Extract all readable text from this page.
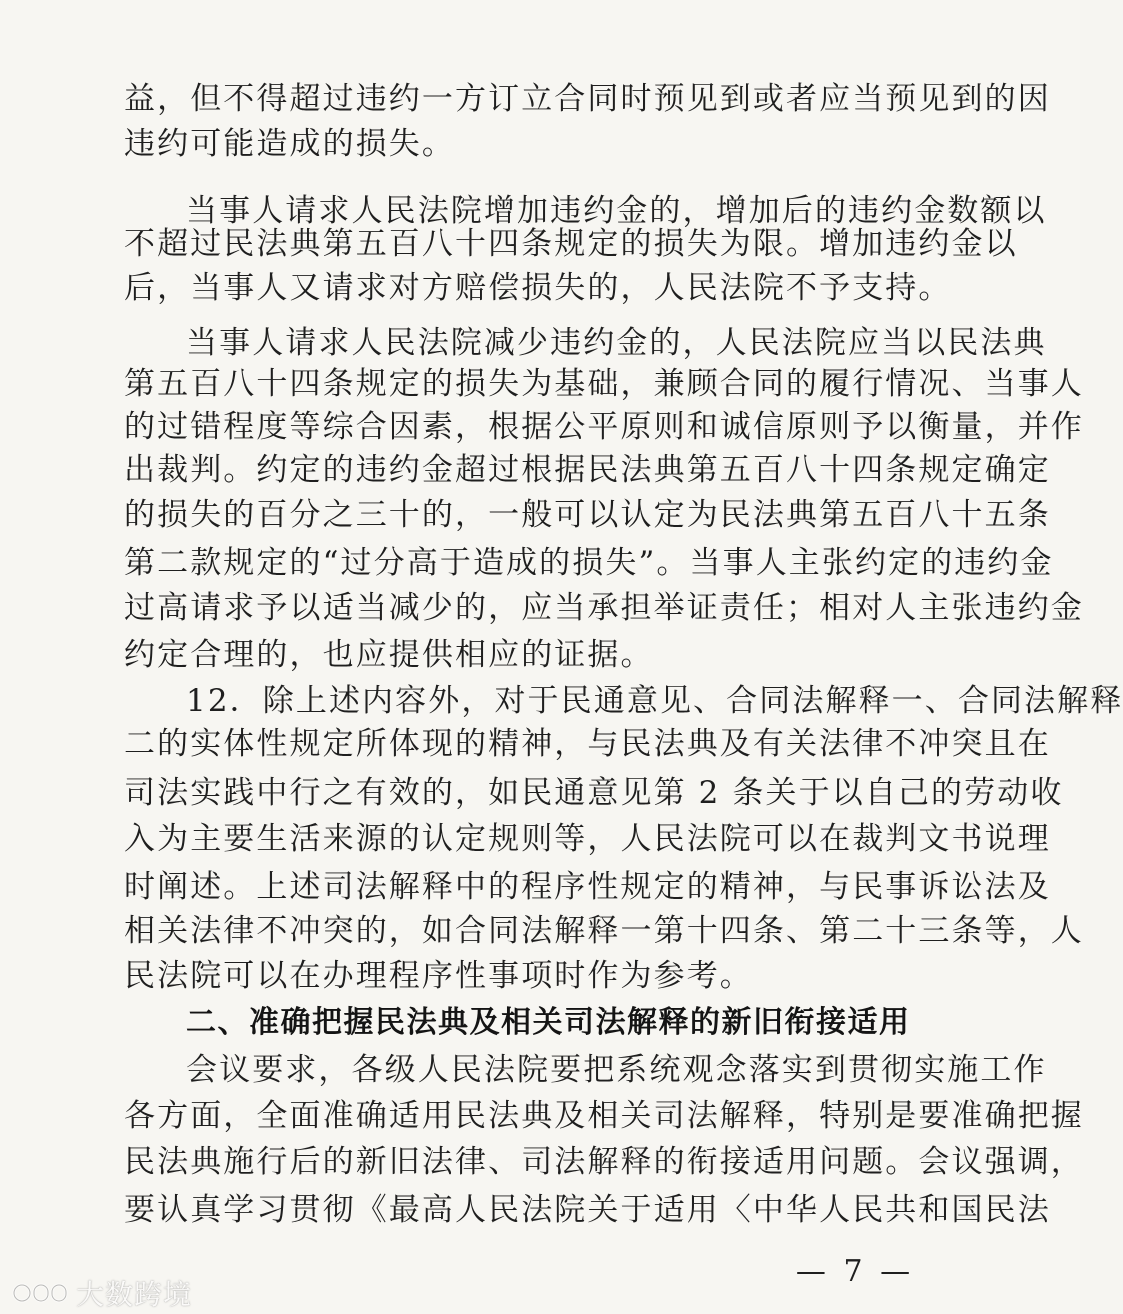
益，但不得超过违约一方订立合同时预见到或者应当预见到的因
违约可能造成的损失。
当事人请求人民法院增加违约金的，增加后的违约金数额以
不超过民法典第五百八十四条规定的损失为限。增加违约金以
后，当事人又请求对方赔偿损失的，人民法院不予支持。
当事人请求人民法院减少违约金的，人民法院应当以民法典
第五百八十四条规定的损失为基础，兼顾合同的履行情况、当事人
的过错程度等综合因素，根据公平原则和诚信原则予以衡量，并作
出裁判。约定的违约金超过根据民法典第五百八十四条规定确定
的损失的百分之三十的，一般可以认定为民法典第五百八十五条
第二款规定的“过分高于造成的损失”。当事人主张约定的违约金
过高请求予以适当减少的，应当承担举证责任；相对人主张违约金
约定合理的，也应提供相应的证据。
12．除上述内容外，对于民通意见、合同法解释一、合同法解释
二的实体性规定所体现的精神，与民法典及有关法律不冲突且在
司法实践中行之有效的，如民通意见第 2 条关于以自己的劳动收
入为主要生活来源的认定规则等，人民法院可以在裁判文书说理
时阐述。上述司法解释中的程序性规定的精神，与民事诉讼法及
相关法律不冲突的，如合同法解释一第十四条、第二十三条等，人
民法院可以在办理程序性事项时作为参考。
二、准确把握民法典及相关司法解释的新旧衔接适用
会议要求，各级人民法院要把系统观念落实到贯彻实施工作
各方面，全面准确适用民法典及相关司法解释，特别是要准确把握
民法典施行后的新旧法律、司法解释的衔接适用问题。会议强调，
要认真学习贯彻《最高人民法院关于适用〈中华人民共和国民法
— 7 —
大数跨境
